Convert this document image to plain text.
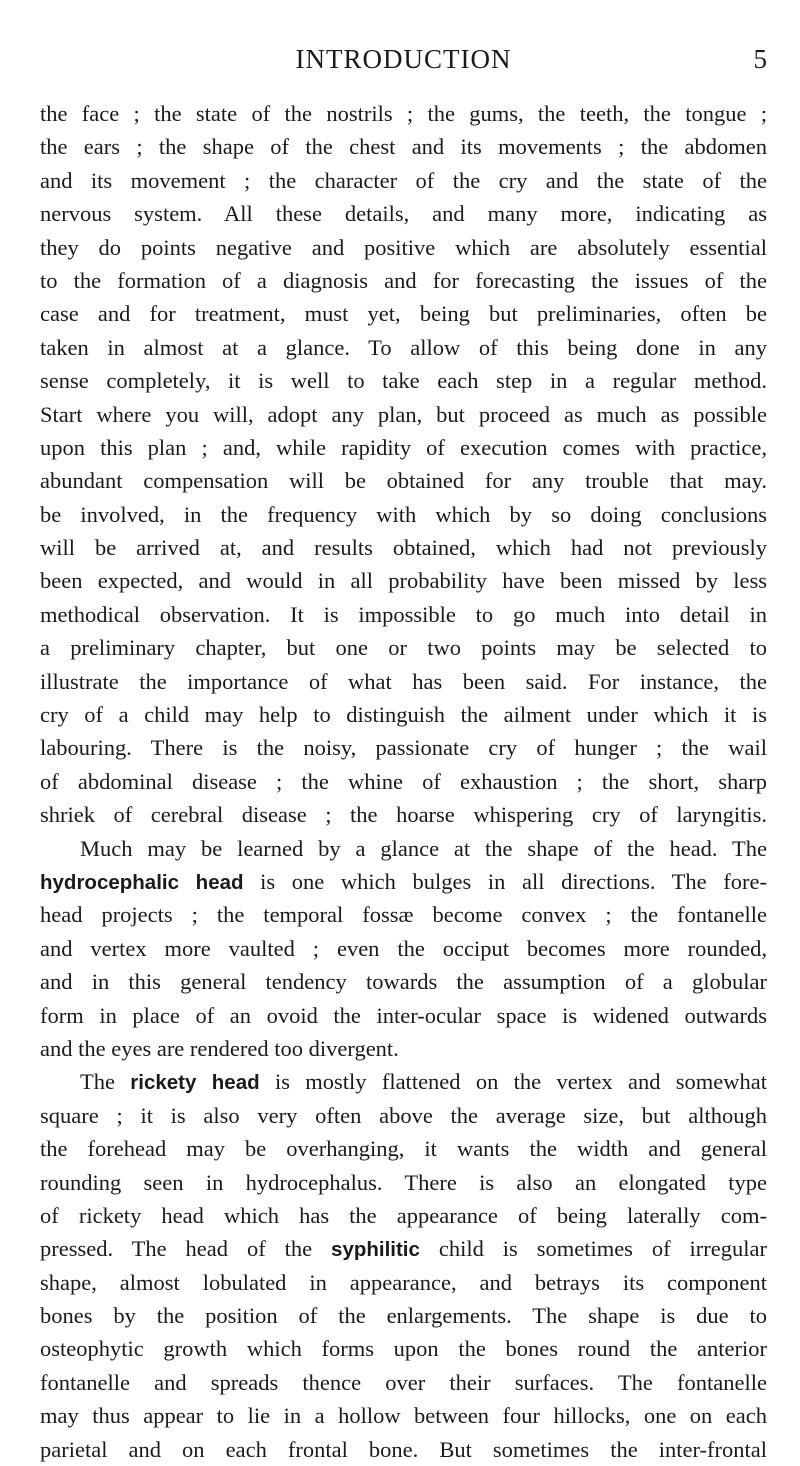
INTRODUCTION	5
the face ; the state of the nostrils ; the gums, the teeth, the tongue ;
the ears ; the shape of the chest and its movements ; the abdomen
and its movement ; the character of the cry and the state of the
nervous system. All these details, and many more, indicating as
they do points negative and positive which are absolutely essential
to the formation of a diagnosis and for forecasting the issues of the
case and for treatment, must yet, being but preliminaries, often be
taken in almost at a glance. To allow of this being done in any
sense completely, it is well to take each step in a regular method.
Start where you will, adopt any plan, but proceed as much as possible
upon this plan ; and, while rapidity of execution comes with practice,
abundant compensation will be obtained for any trouble that may.
be involved, in the frequency with which by so doing conclusions
will be arrived at, and results obtained, which had not previously
been expected, and would in all probability have been missed by less
methodical observation. It is impossible to go much into detail in
a preliminary chapter, but one or two points may be selected to
illustrate the importance of what has been said. For instance, the
cry of a child may help to distinguish the ailment under which it is
labouring. There is the noisy, passionate cry of hunger ; the wail
of abdominal disease ; the whine of exhaustion ; the short, sharp
shriek of cerebral disease ; the hoarse whispering cry of laryngitis.
Much may be learned by a glance at the shape of the head. The
hydrocephalic head is one which bulges in all directions. The fore-
head projects ; the temporal fossæ become convex ; the fontanelle
and vertex more vaulted ; even the occiput becomes more rounded,
and in this general tendency towards the assumption of a globular
form in place of an ovoid the inter-ocular space is widened outwards
and the eyes are rendered too divergent.
The rickety head is mostly flattened on the vertex and somewhat
square ; it is also very often above the average size, but although
the forehead may be overhanging, it wants the width and general
rounding seen in hydrocephalus. There is also an elongated type
of rickety head which has the appearance of being laterally com-
pressed. The head of the syphilitic child is sometimes of irregular
shape, almost lobulated in appearance, and betrays its component
bones by the position of the enlargements. The shape is due to
osteophytic growth which forms upon the bones round the anterior
fontanelle and spreads thence over their surfaces. The fontanelle
may thus appear to lie in a hollow between four hillocks, one on each
parietal and on each frontal bone. But sometimes the inter-frontal
